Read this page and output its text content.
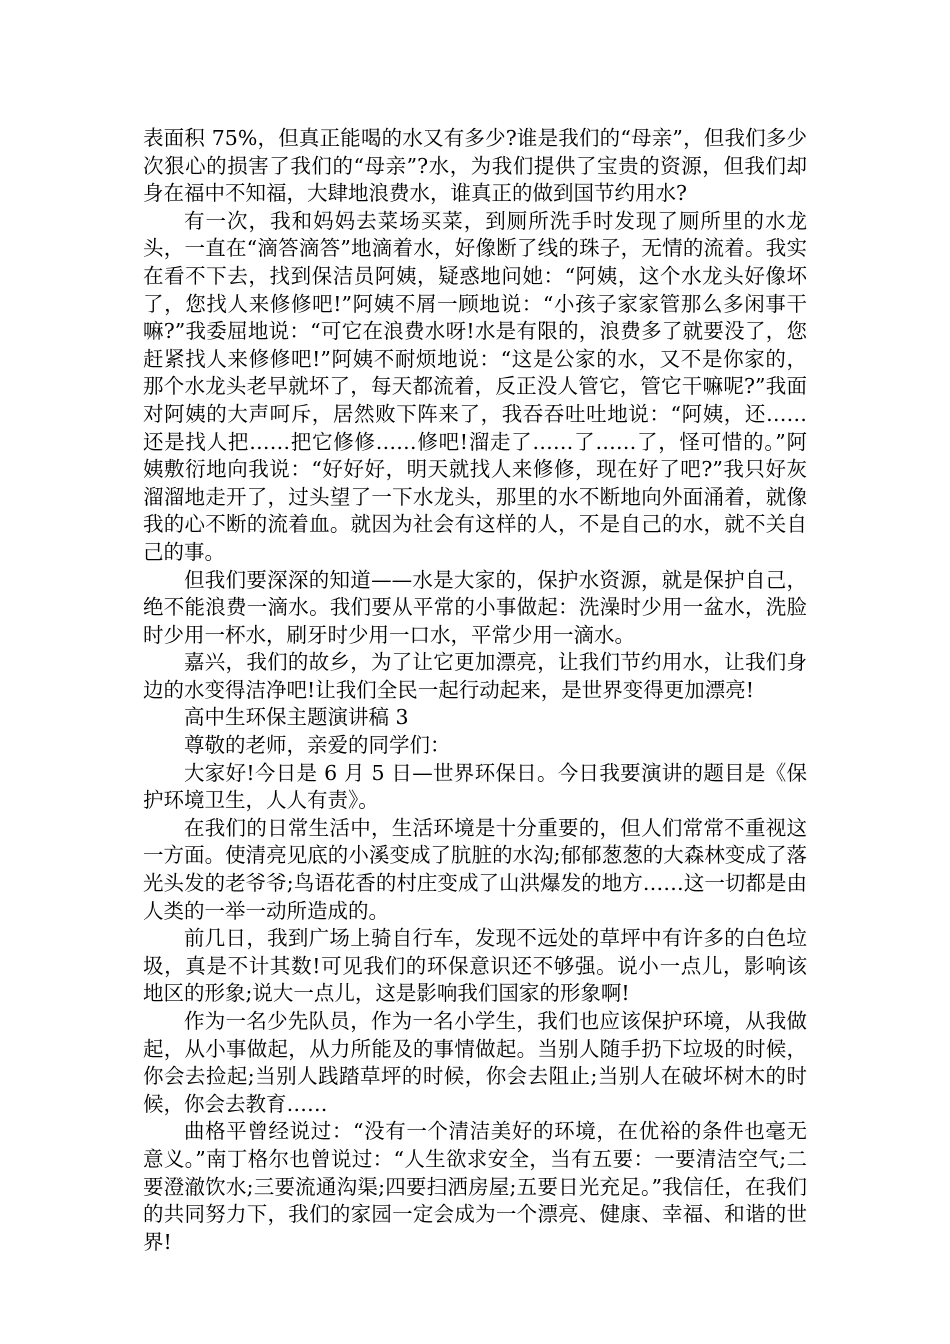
表面积 75%，但真正能喝的水又有多少?谁是我们的“母亲”，但我们多少次狠心的损害了我们的“母亲”?水，为我们提供了宝贵的资源，但我们却身在福中不知福，大肆地浪费水，谁真正的做到国节约用水?

有一次，我和妈妈去菜场买菜，到厕所洗手时发现了厕所里的水龙头，一直在“滴答滴答”地滴着水，好像断了线的珠子，无情的流着。我实在看不下去，找到保洁员阿姨，疑惑地问她：“阿姨，这个水龙头好像坏了，您找人来修修吧!”阿姨不屑一顾地说：“小孩子家家管那么多闲事干嘛?”我委屈地说：“可它在浪费水呀!水是有限的，浪费多了就要没了，您赶紧找人来修修吧!”阿姨不耐烦地说：“这是公家的水，又不是你家的，那个水龙头老早就坏了，每天都流着，反正没人管它，管它干嘛呢?”我面对阿姨的大声呵斥，居然败下阵来了，我吞吞吐吐地说：“阿姨，还……还是找人把……把它修修……修吧!溜走了……了……了，怪可惜的。”阿姨敷衍地向我说：“好好好，明天就找人来修修，现在好了吧?”我只好灰溜溜地走开了，过头望了一下水龙头，那里的水不断地向外面涌着，就像我的心不断的流着血。就因为社会有这样的人，不是自己的水，就不关自己的事。

但我们要深深的知道——水是大家的，保护水资源，就是保护自己，绝不能浪费一滴水。我们要从平常的小事做起：洗澡时少用一盆水，洗脸时少用一杯水，刷牙时少用一口水，平常少用一滴水。

嘉兴，我们的故乡，为了让它更加漂亮，让我们节约用水，让我们身边的水变得洁净吧!让我们全民一起行动起来，是世界变得更加漂亮!

高中生环保主题演讲稿 3

尊敬的老师，亲爱的同学们：

大家好!今日是 6 月 5 日—世界环保日。今日我要演讲的题目是《保护环境卫生，人人有责》。

在我们的日常生活中，生活环境是十分重要的，但人们常常不重视这一方面。使清亮见底的小溪变成了肮脏的水沟;郁郁葱葱的大森林变成了落光头发的老爷爷;鸟语花香的村庄变成了山洪爆发的地方……这一切都是由人类的一举一动所造成的。

前几日，我到广场上骑自行车，发现不远处的草坪中有许多的白色垃圾，真是不计其数!可见我们的环保意识还不够强。说小一点儿，影响该地区的形象;说大一点儿，这是影响我们国家的形象啊!

作为一名少先队员，作为一名小学生，我们也应该保护环境，从我做起，从小事做起，从力所能及的事情做起。当别人随手扔下垃圾的时候，你会去捡起;当别人践踏草坪的时候，你会去阻止;当别人在破坏树木的时候，你会去教育……

曲格平曾经说过：“没有一个清洁美好的环境，在优裕的条件也毫无意义。”南丁格尔也曾说过：“人生欲求安全，当有五要：一要清洁空气;二要澄澈饮水;三要流通沟渠;四要扫洒房屋;五要日光充足。”我信任，在我们的共同努力下，我们的家园一定会成为一个漂亮、健康、幸福、和谐的世界!
